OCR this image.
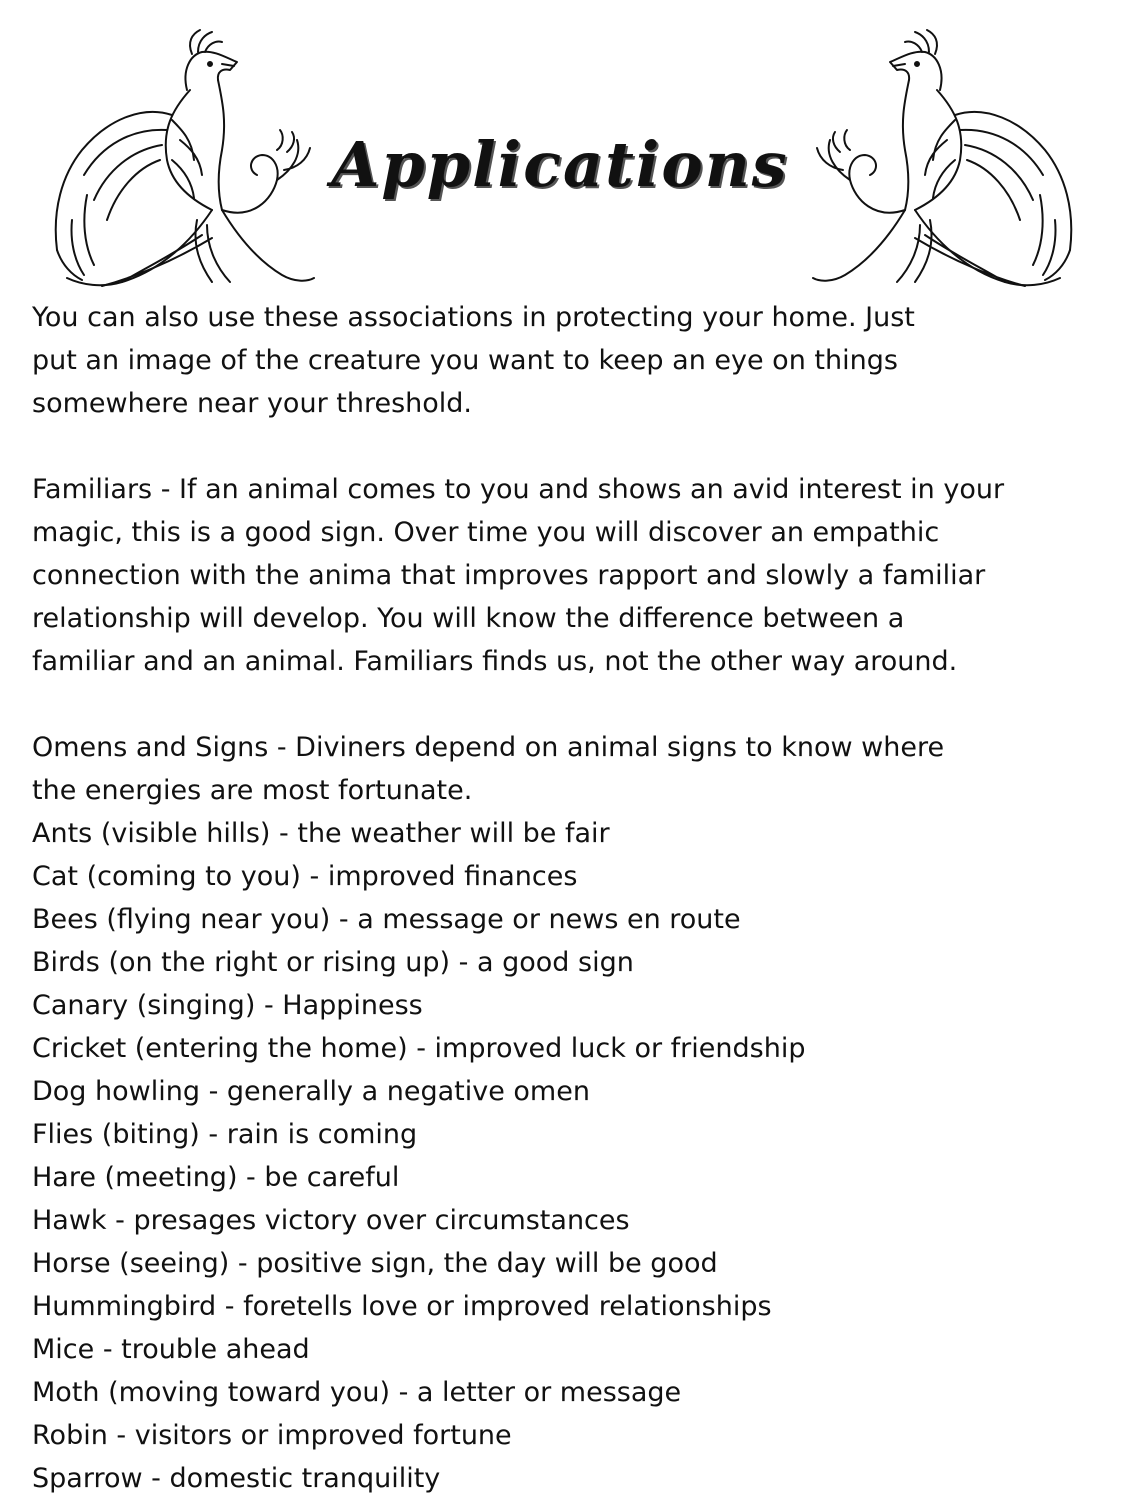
Applications
You can also use these associations in protecting your home. Just
put an image of the creature you want to keep an eye on things
somewhere near your threshold.
Familiars - If an animal comes to you and shows an avid interest in your
magic, this is a good sign. Over time you will discover an empathic
connection with the anima that improves rapport and slowly a familiar
relationship will develop. You will know the difference between a
familiar and an animal. Familiars finds us, not the other way around.
Omens and Signs - Diviners depend on animal signs to know where
the energies are most fortunate.
Ants (visible hills) - the weather will be fair
Cat (coming to you) - improved finances
Bees (flying near you) - a message or news en route
Birds (on the right or rising up) - a good sign
Canary (singing) - Happiness
Cricket (entering the home) - improved luck or friendship
Dog howling - generally a negative omen
Flies (biting) - rain is coming
Hare (meeting) - be careful
Hawk - presages victory over circumstances
Horse (seeing) - positive sign, the day will be good
Hummingbird - foretells love or improved relationships
Mice - trouble ahead
Moth (moving toward you) - a letter or message
Robin - visitors or improved fortune
Sparrow - domestic tranquility
